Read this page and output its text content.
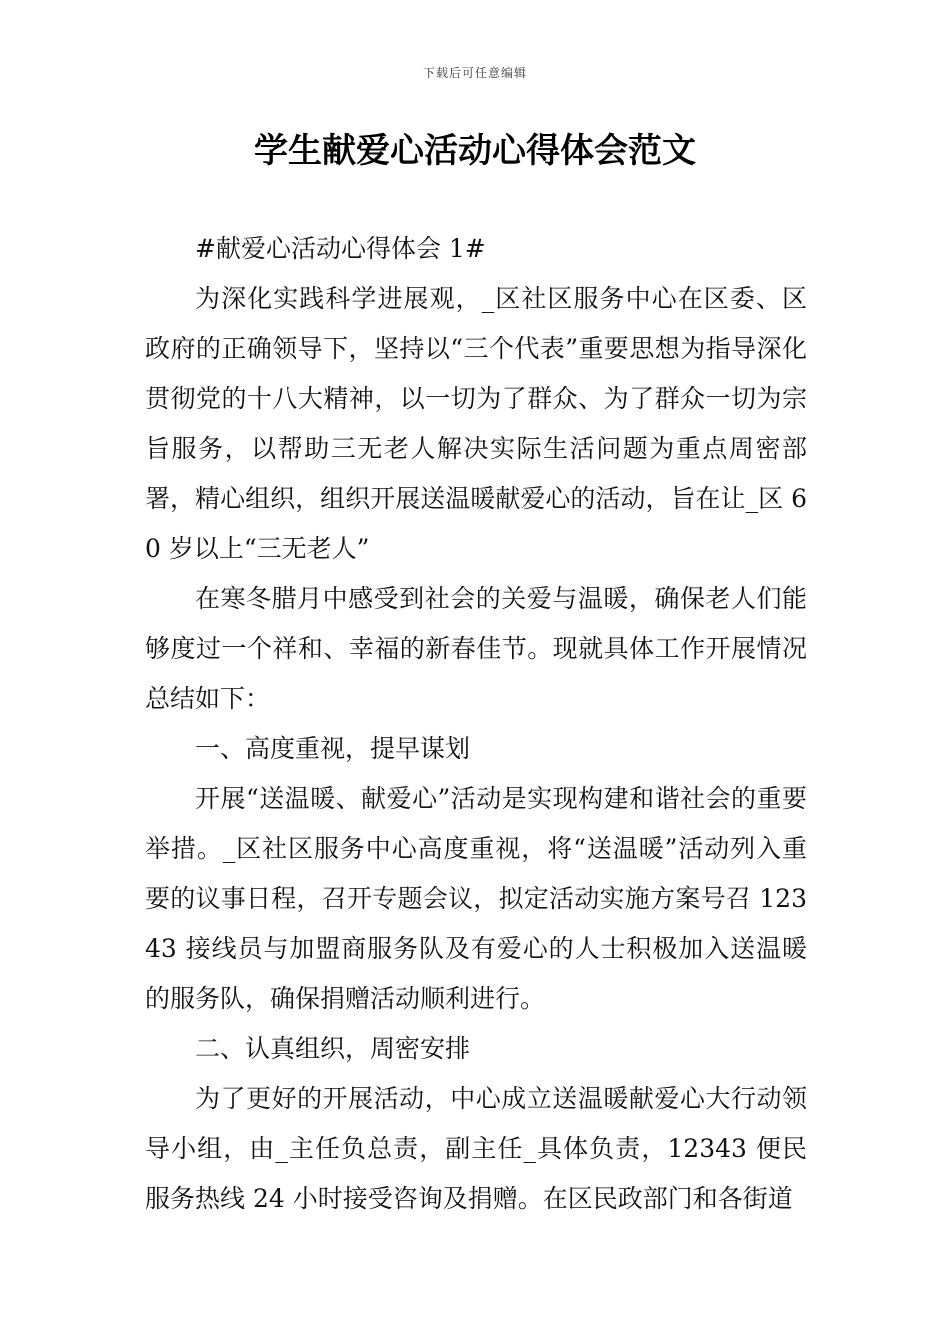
下载后可任意编辑
学生献爱心活动心得体会范文

#献爱心活动心得体会 1#

为深化实践科学进展观，_区社区服务中心在区委、区政府的正确领导下，坚持以“三个代表”重要思想为指导深化贯彻党的十八大精神，以一切为了群众、为了群众一切为宗旨服务，以帮助三无老人解决实际生活问题为重点周密部署，精心组织，组织开展送温暖献爱心的活动，旨在让_区 60 岁以上“三无老人”

在寒冬腊月中感受到社会的关爱与温暖，确保老人们能够度过一个祥和、幸福的新春佳节。现就具体工作开展情况总结如下：

一、高度重视，提早谋划

开展“送温暖、献爱心”活动是实现构建和谐社会的重要举措。_区社区服务中心高度重视，将“送温暖”活动列入重要的议事日程，召开专题会议，拟定活动实施方案号召 12343 接线员与加盟商服务队及有爱心的人士积极加入送温暖的服务队，确保捐赠活动顺利进行。

二、认真组织，周密安排

为了更好的开展活动，中心成立送温暖献爱心大行动领导小组，由_主任负总责，副主任_具体负责，12343 便民服务热线 24 小时接受咨询及捐赠。在区民政部门和各街道
